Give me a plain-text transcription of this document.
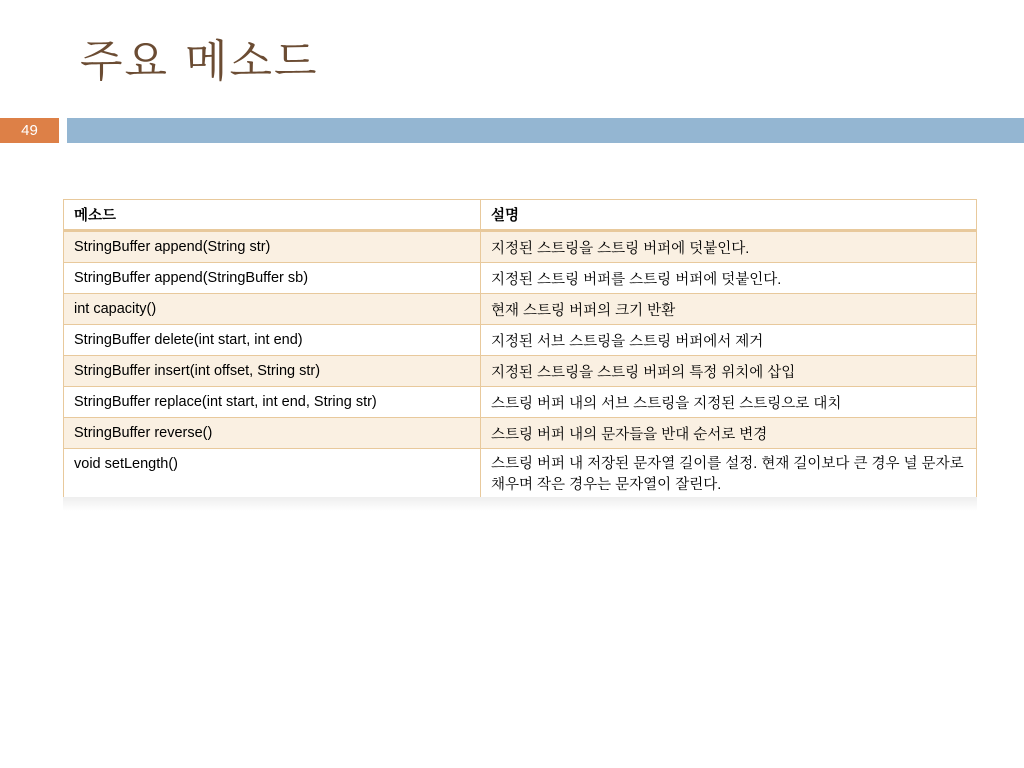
주요 메소드
49
메소드	설명
StringBuffer append(String str)	지정된 스트링을 스트링 버퍼에 덧붙인다.
StringBuffer append(StringBuffer sb)	지정된 스트링 버퍼를 스트링 버퍼에 덧붙인다.
int capacity()	현재 스트링 버퍼의 크기 반환
StringBuffer delete(int start, int end)	지정된 서브 스트링을 스트링 버퍼에서 제거
StringBuffer insert(int offset, String str)	지정된 스트링을 스트링 버퍼의 특정 위치에 삽입
StringBuffer replace(int start, int end, String str)	스트링 버퍼 내의 서브 스트링을 지정된 스트링으로 대치
StringBuffer reverse()	스트링 버퍼 내의 문자들을 반대 순서로 변경
void setLength()	스트링 버퍼 내 저장된 문자열 길이를 설정. 현재 길이보다 큰 경우 널 문자로 채우며 작은 경우는 문자열이 잘린다.
